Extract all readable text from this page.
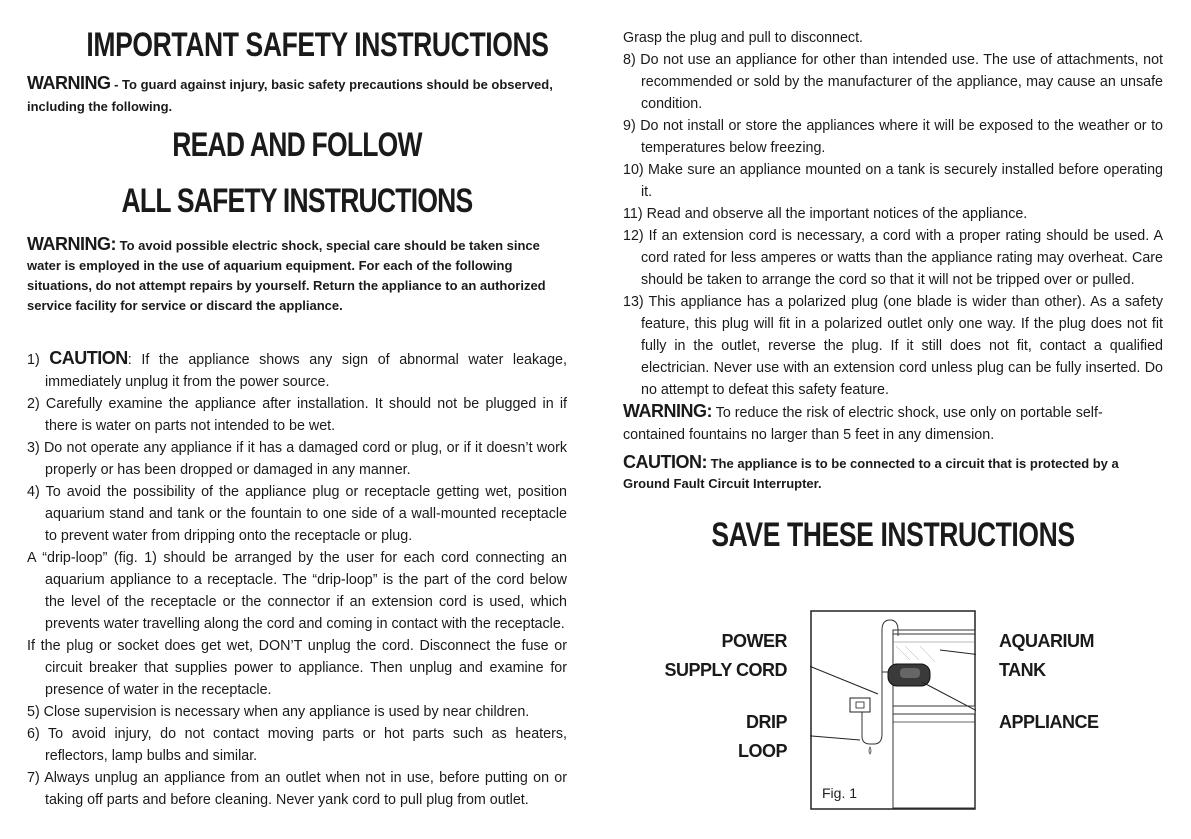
IMPORTANT SAFETY INSTRUCTIONS
WARNING - To guard against injury, basic safety precautions should be observed, including the following.
READ AND FOLLOW
ALL SAFETY INSTRUCTIONS
WARNING: To avoid possible electric shock, special care should be taken since water is employed in the use of aquarium equipment. For each of the following situations, do not attempt repairs by yourself. Return the appliance to an authorized service facility for service or discard the appliance.
1) CAUTION: If the appliance shows any sign of abnormal water leakage, immediately unplug it from the power source.
2) Carefully examine the appliance after installation. It should not be plugged in if there is water on parts not intended to be wet.
3) Do not operate any appliance if it has a damaged cord or plug, or if it doesn’t work properly or has been dropped or damaged in any manner.
4) To avoid the possibility of the appliance plug or receptacle getting wet, position aquarium stand and tank or the fountain to one side of a wall-mounted receptacle to prevent water from dripping onto the receptacle or plug.
A “drip-loop” (fig. 1) should be arranged by the user for each cord connecting an aquarium appliance to a receptacle. The “drip-loop” is the part of the cord below the level of the receptacle or the connector if an extension cord is used, which prevents water travelling along the cord and coming in contact with the receptacle.
If the plug or socket does get wet, DON’T unplug the cord. Disconnect the fuse or circuit breaker that supplies power to appliance. Then unplug and examine for presence of water in the receptacle.
5) Close supervision is necessary when any appliance is used by near children.
6) To avoid injury, do not contact moving parts or hot parts such as heaters, reflectors, lamp bulbs and similar.
7) Always unplug an appliance from an outlet when not in use, before putting on or taking off parts and before cleaning. Never yank cord to pull plug from outlet.
Grasp the plug and pull to disconnect.
8) Do not use an appliance for other than intended use. The use of attachments, not recommended or sold by the manufacturer of the appliance, may cause an unsafe condition.
9) Do not install or store the appliances where it will be exposed to the weather or to temperatures below freezing.
10) Make sure an appliance mounted on a tank is securely installed before operating it.
11) Read and observe all the important notices of the appliance.
12) If an extension cord is necessary, a cord with a proper rating should be used. A cord rated for less amperes or watts than the appliance rating may overheat. Care should be taken to arrange the cord so that it will not be tripped over or pulled.
13) This appliance has a polarized plug (one blade is wider than other). As a safety feature, this plug will fit in a polarized outlet only one way. If the plug does not fit fully in the outlet, reverse the plug. If it still does not fit, contact a qualified electrician. Never use with an extension cord unless plug can be fully inserted. Do no attempt to defeat this safety feature.
WARNING: To reduce the risk of electric shock, use only on portable self-contained fountains no larger than 5 feet in any dimension.
CAUTION: The appliance is to be connected to a circuit that is protected by a Ground Fault Circuit Interrupter.
SAVE THESE INSTRUCTIONS
POWER
SUPPLY CORD
DRIP
LOOP
AQUARIUM
TANK
APPLIANCE
Fig. 1
